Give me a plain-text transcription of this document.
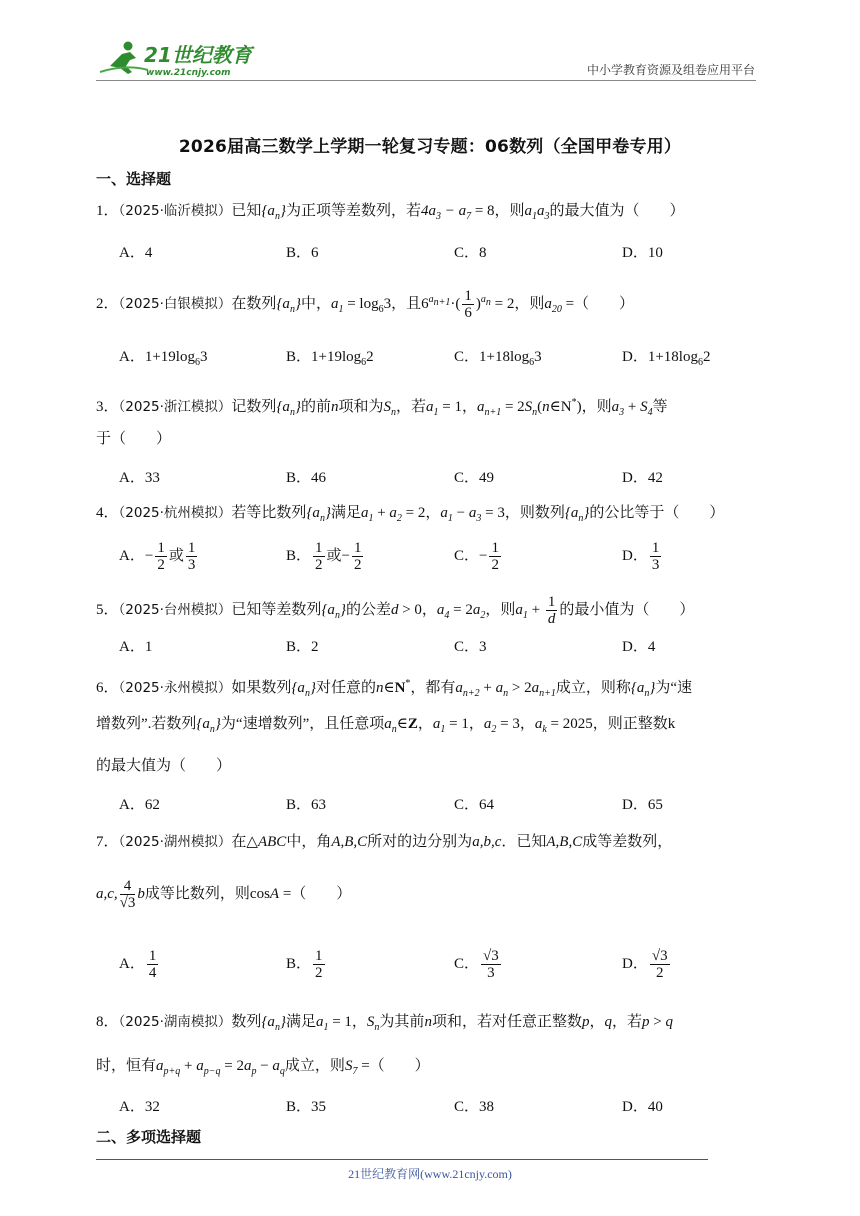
21世纪教育
www.21cnjy.com	中小学教育资源及组卷应用平台
2026届高三数学上学期一轮复习专题：06数列（全国甲卷专用）
一、选择题
1．（2025·临沂模拟）已知$\{a_n\}$为正项等差数列，若$4a_3 - a_7 = 8$，则$a_1a_3$的最大值为（　　）
A．4	B．6	C．8	D．10
2．（2025·白银模拟）在数列$\{a_n\}$中，$a_1 = \log_63$，且$6^{a_{n+1}}\cdot( \frac{1}{6} )^{a_n} = 2$，则$a_{20}$ =（　　）
A．$1+19\log_63$	B．$1+19\log_62$	C．$1+18\log_63$	D．$1+18\log_62$
3．（2025·浙江模拟）记数列$\{a_n\}$的前n项和为$S_n$，若$a_1 = 1$，$a_{n+1}$ = $2S_n(n\in N^*)$，则$a_3 + S_4$等
于（　　）
A．33	B．46	C．49	D．42
4．（2025·杭州模拟）若等比数列$\{a_n\}$满足$a_1 + a_2 = 2$，$a_1 - a_3 = 3$，则数列$\{a_n\}$的公比等于（　　）
A．− $\frac{1}{2}$ 或 $\frac{1}{3}$	B． $\frac{1}{2}$ 或− $\frac{1}{2}$	C．− $\frac{1}{2}$	D． $\frac{1}{3}$
5．（2025·台州模拟）已知等差数列$\{a_n\}$的公差d > 0，$a_4 = 2a_2$，则$a_1 + \frac{1}{d}$ 的最小值为（　　）
A．1	B．2	C．3	D．4
6．（2025·永州模拟）如果数列$\{a_n\}$对任意的n∈N*，都有$a_{n+2} + a_n > 2a_{n+1}$成立，则称$\{a_n\}$为“速
增数列”.若数列$\{a_n\}$为“速增数列”，且任意项$a_n\in Z$，$a_1 = 1$，$a_2 = 3$，$a_k = 2025$，则正整数k
的最大值为（　　）
A．62	B．63	C．64	D．65
7．（2025·湖州模拟）在△ABC中，角A,B,C所对的边分别为a,b,c．已知A,B,C成等差数列，
a,c, $\frac{4}{√3}$ b成等比数列，则cosA =（　　）
A． $\frac{1}{4}$	B． $\frac{1}{2}$	C． $\frac{√3}{3}$	D． $\frac{√3}{2}$
8．（2025·湖南模拟）数列$\{a_n\}$满足$a_1 = 1$，$S_n$为其前n项和，若对任意正整数p，q，若p > q
时，恒有$a_{p+q} + a_{p-q} = 2a_p - a_q$成立，则$S_7$ =（　　）
A．32	B．35	C．38	D．40
二、多项选择题
21世纪教育网(www.21cnjy.com)
